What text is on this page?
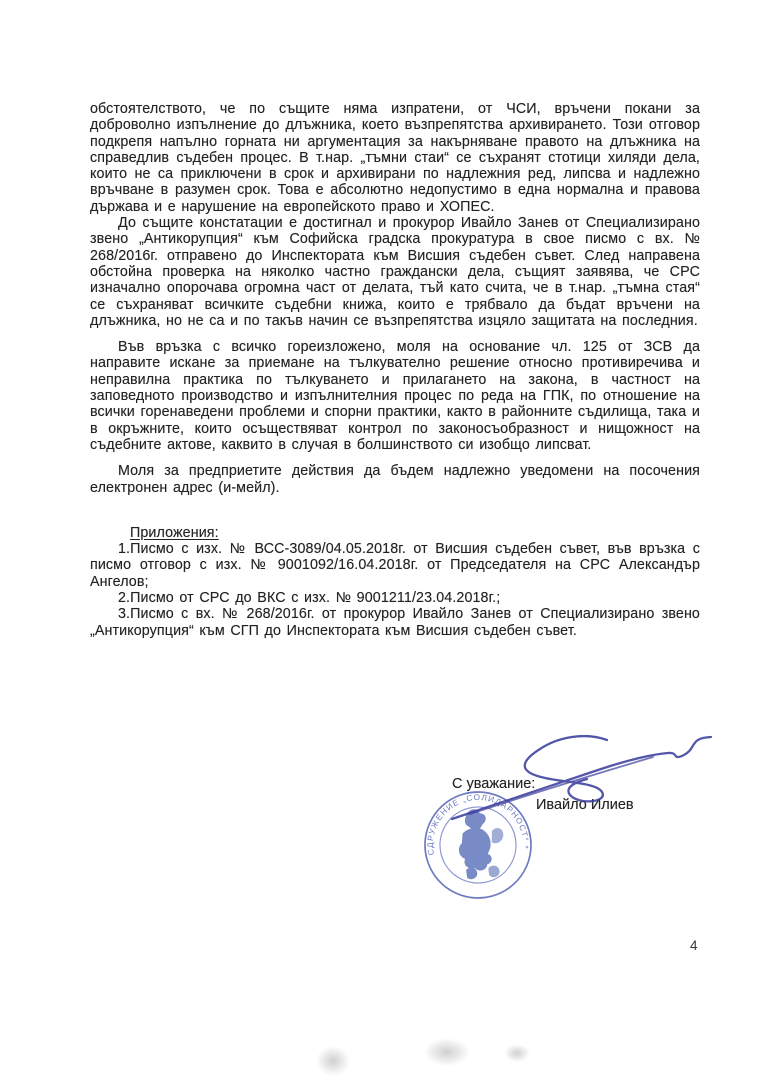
обстоятелството, че по същите няма изпратени, от ЧСИ, връчени покани за доброволно изпълнение до длъжника, което възпрепятства архивирането. Този отговор подкрепя напълно горната ни аргументация за накърняване правото на длъжника на справедлив съдебен процес. В т.нар. „тъмни стаи“ се съхранят стотици хиляди дела, които не са приключени в срок и архивирани по надлежния ред, липсва и надлежно връчване в разумен срок. Това е абсолютно недопустимо в една нормална и правова държава и е нарушение на европейското право и ХОПЕС.

До същите констатации е достигнал и прокурор Ивайло Занев от Специализирано звено „Антикорупция“ към Софийска градска прокуратура в свое писмо с вх. № 268/2016г. отправено до Инспектората към Висшия съдебен съвет. След направена обстойна проверка на няколко частно граждански дела, същият заявява, че СРС изначално опорочава огромна част от делата, тъй като счита, че в т.нар. „тъмна стая“ се съхраняват всичките съдебни книжа, които е трябвало да бъдат връчени на длъжника, но не са и по такъв начин се възпрепятства изцяло защитата на последния.

Във връзка с всичко гореизложено, моля на основание чл. 125 от ЗСВ да направите искане за приемане на тълкувателно решение относно противиречива и неправилна практика по тълкуването и прилагането на закона, в частност на заповедното производство и изпълнителния процес по реда на ГПК, по отношение на всички горенаведени проблеми и спорни практики, както в районните съдилища, така и в окръжните, които осъществяват контрол по законосъобразност и нищожност на съдебните актове, каквито в случая в болшинството си изобщо липсват.

Моля за предприетите действия да бъдем надлежно уведомени на посочения електронен адрес (и-мейл).

Приложения:

1.Писмо с изх. № ВСС-3089/04.05.2018г. от Висшия съдебен съвет, във връзка с писмо отговор с изх. № 9001092/16.04.2018г. от Председателя на СРС Александър Ангелов;

2.Писмо от СРС до ВКС с изх. № 9001211/23.04.2018г.;

3.Писмо с вх. № 268/2016г. от прокурор Ивайло Занев от Специализирано звено „Антикорупция“ към СГП до Инспектората към Висшия съдебен съвет.

С уважание:
Ивайло Илиев
СДРУЖЕНИЕ „СОЛИДАРНОСТ“ *
4
